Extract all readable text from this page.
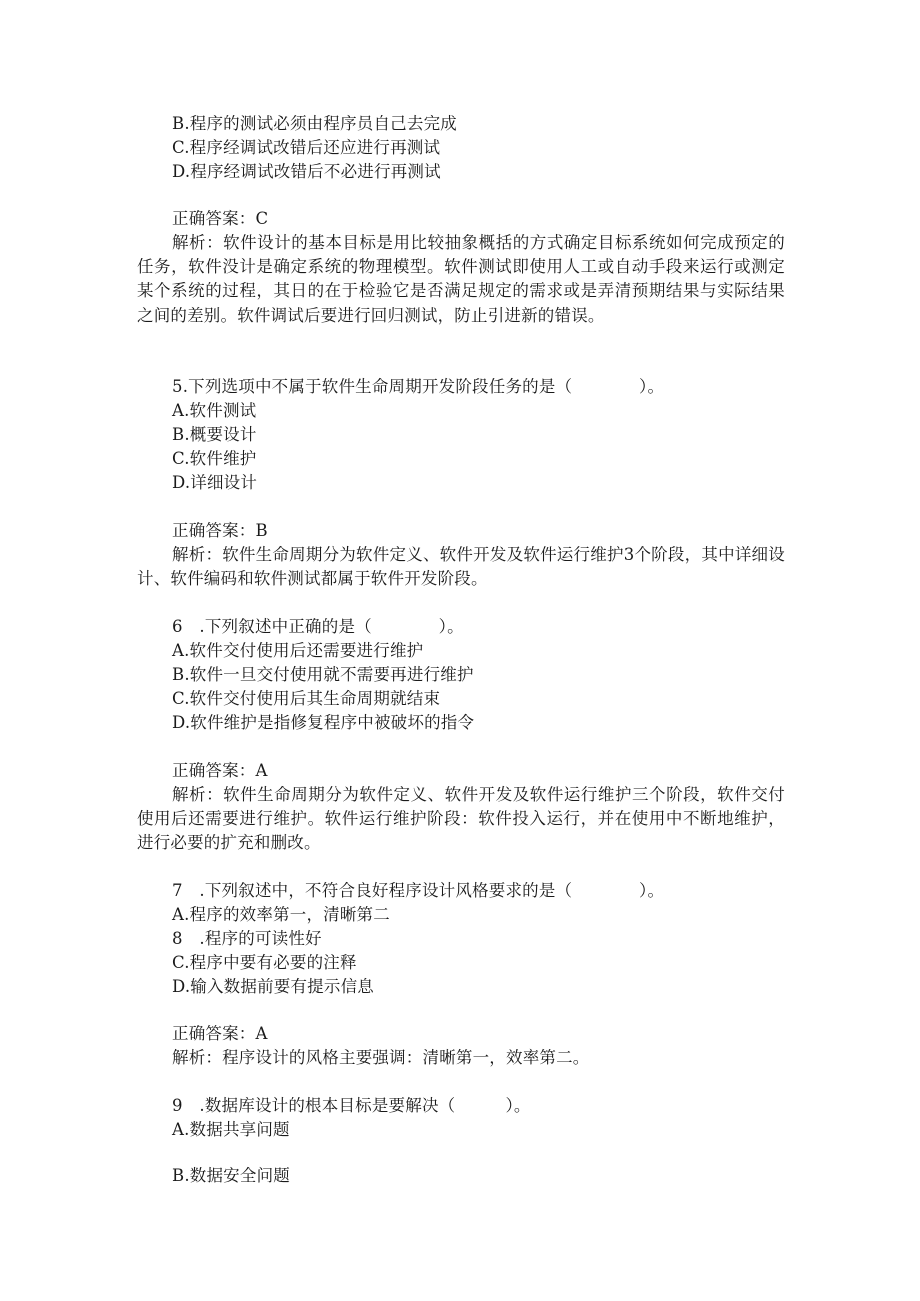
B.程序的测试必须由程序员自己去完成
C.程序经调试改错后还应进行再测试
D.程序经调试改错后不必进行再测试
正确答案：C
解析：软件设计的基本目标是用比较抽象概括的方式确定目标系统如何完成预定的任务，软件没计是确定系统的物理模型。软件测试即使用人工或自动手段来运行或测定某个系统的过程，其日的在于检验它是否满足规定的需求或是弄清预期结果与实际结果之间的差别。软件调试后要进行回归测试，防止引进新的错误。
5.下列选项中不属于软件生命周期开发阶段任务的是（　　　　）。
A.软件测试
B.概要设计
C.软件维护
D.详细设计
正确答案：B
解析：软件生命周期分为软件定义、软件开发及软件运行维护3个阶段，其中详细设计、软件编码和软件测试都属于软件开发阶段。
6　.下列叙述中正确的是（　　　　）。
A.软件交付使用后还需要进行维护
B.软件一旦交付使用就不需要再进行维护
C.软件交付使用后其生命周期就结束
D.软件维护是指修复程序中被破坏的指令
正确答案：A
解析：软件生命周期分为软件定义、软件开发及软件运行维护三个阶段，软件交付使用后还需要进行维护。软件运行维护阶段：软件投入运行，并在使用中不断地维护，进行必要的扩充和删改。
7　.下列叙述中，不符合良好程序设计风格要求的是（　　　　）。
A.程序的效率第一，清晰第二
8　.程序的可读性好
C.程序中要有必要的注释
D.输入数据前要有提示信息
正确答案：A
解析：程序设计的风格主要强调：清晰第一，效率第二。
9　.数据库设计的根本目标是要解决（　　　）。
A.数据共享问题
B.数据安全问题
